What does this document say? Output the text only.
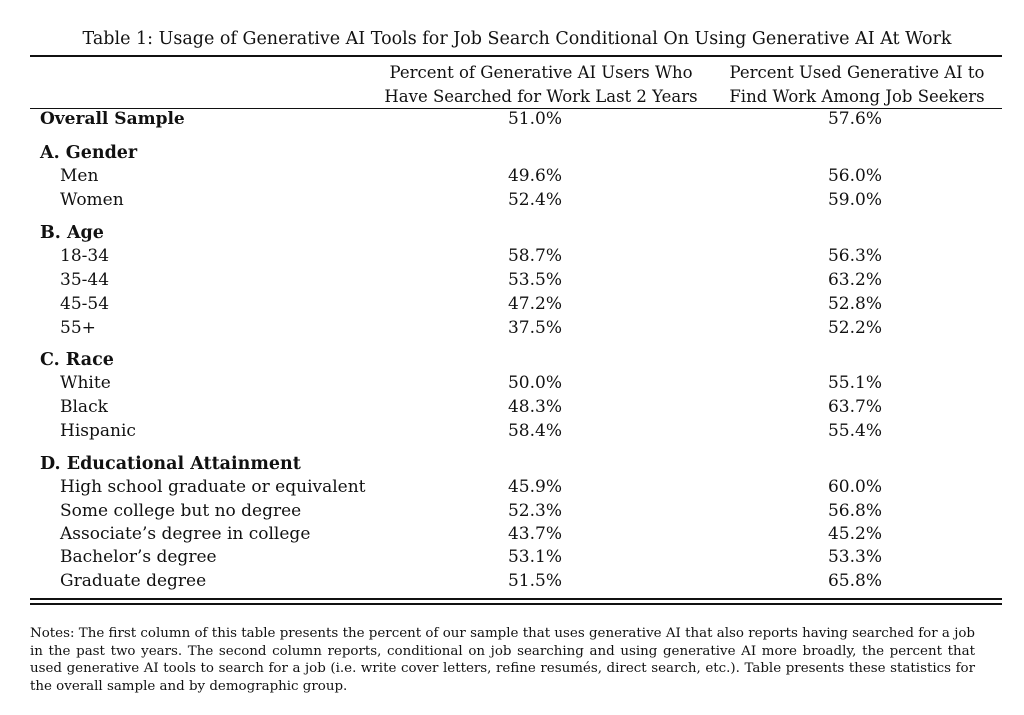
Table 1: Usage of Generative AI Tools for Job Search Conditional On Using Generative AI At Work
Percent of Generative AI Users Who
Have Searched for Work Last 2 Years
Percent Used Generative AI to
Find Work Among Job Seekers
Overall Sample	51.0%	57.6%
A. Gender
Men	49.6%	56.0%
Women	52.4%	59.0%
B. Age
18-34	58.7%	56.3%
35-44	53.5%	63.2%
45-54	47.2%	52.8%
55+	37.5%	52.2%
C. Race
White	50.0%	55.1%
Black	48.3%	63.7%
Hispanic	58.4%	55.4%
D. Educational Attainment
High school graduate or equivalent	45.9%	60.0%
Some college but no degree	52.3%	56.8%
Associate’s degree in college	43.7%	45.2%
Bachelor’s degree	53.1%	53.3%
Graduate degree	51.5%	65.8%
Notes: The first column of this table presents the percent of our sample that uses generative AI that also reports having searched for a job in the past two years. The second column reports, conditional on job searching and using generative AI more broadly, the percent that used generative AI tools to search for a job (i.e. write cover letters, refine resumés, direct search, etc.). Table presents these statistics for the overall sample and by demographic group.
